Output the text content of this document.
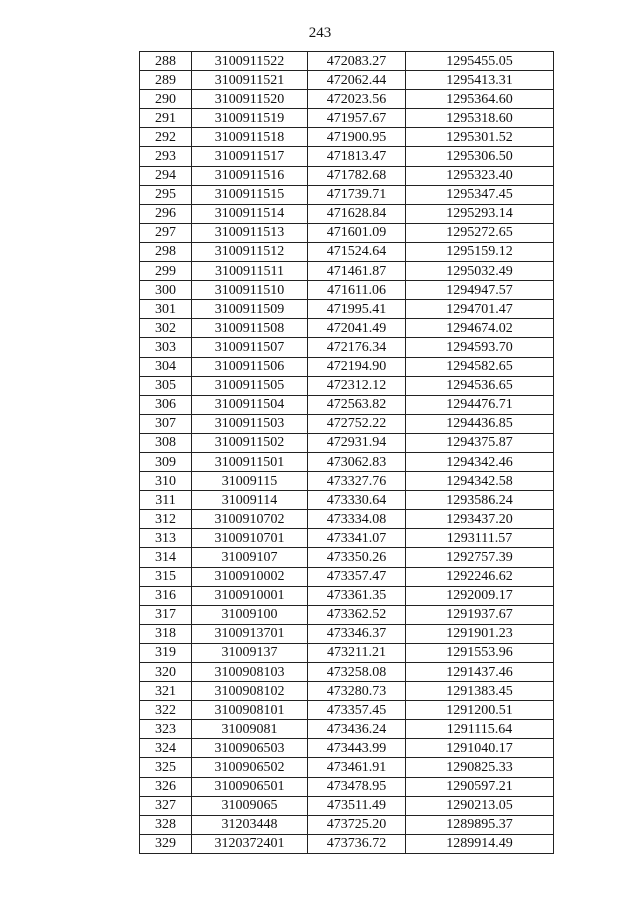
243
288	3100911522	472083.27	1295455.05
289	3100911521	472062.44	1295413.31
290	3100911520	472023.56	1295364.60
291	3100911519	471957.67	1295318.60
292	3100911518	471900.95	1295301.52
293	3100911517	471813.47	1295306.50
294	3100911516	471782.68	1295323.40
295	3100911515	471739.71	1295347.45
296	3100911514	471628.84	1295293.14
297	3100911513	471601.09	1295272.65
298	3100911512	471524.64	1295159.12
299	3100911511	471461.87	1295032.49
300	3100911510	471611.06	1294947.57
301	3100911509	471995.41	1294701.47
302	3100911508	472041.49	1294674.02
303	3100911507	472176.34	1294593.70
304	3100911506	472194.90	1294582.65
305	3100911505	472312.12	1294536.65
306	3100911504	472563.82	1294476.71
307	3100911503	472752.22	1294436.85
308	3100911502	472931.94	1294375.87
309	3100911501	473062.83	1294342.46
310	31009115	473327.76	1294342.58
311	31009114	473330.64	1293586.24
312	3100910702	473334.08	1293437.20
313	3100910701	473341.07	1293111.57
314	31009107	473350.26	1292757.39
315	3100910002	473357.47	1292246.62
316	3100910001	473361.35	1292009.17
317	31009100	473362.52	1291937.67
318	3100913701	473346.37	1291901.23
319	31009137	473211.21	1291553.96
320	3100908103	473258.08	1291437.46
321	3100908102	473280.73	1291383.45
322	3100908101	473357.45	1291200.51
323	31009081	473436.24	1291115.64
324	3100906503	473443.99	1291040.17
325	3100906502	473461.91	1290825.33
326	3100906501	473478.95	1290597.21
327	31009065	473511.49	1290213.05
328	31203448	473725.20	1289895.37
329	3120372401	473736.72	1289914.49
